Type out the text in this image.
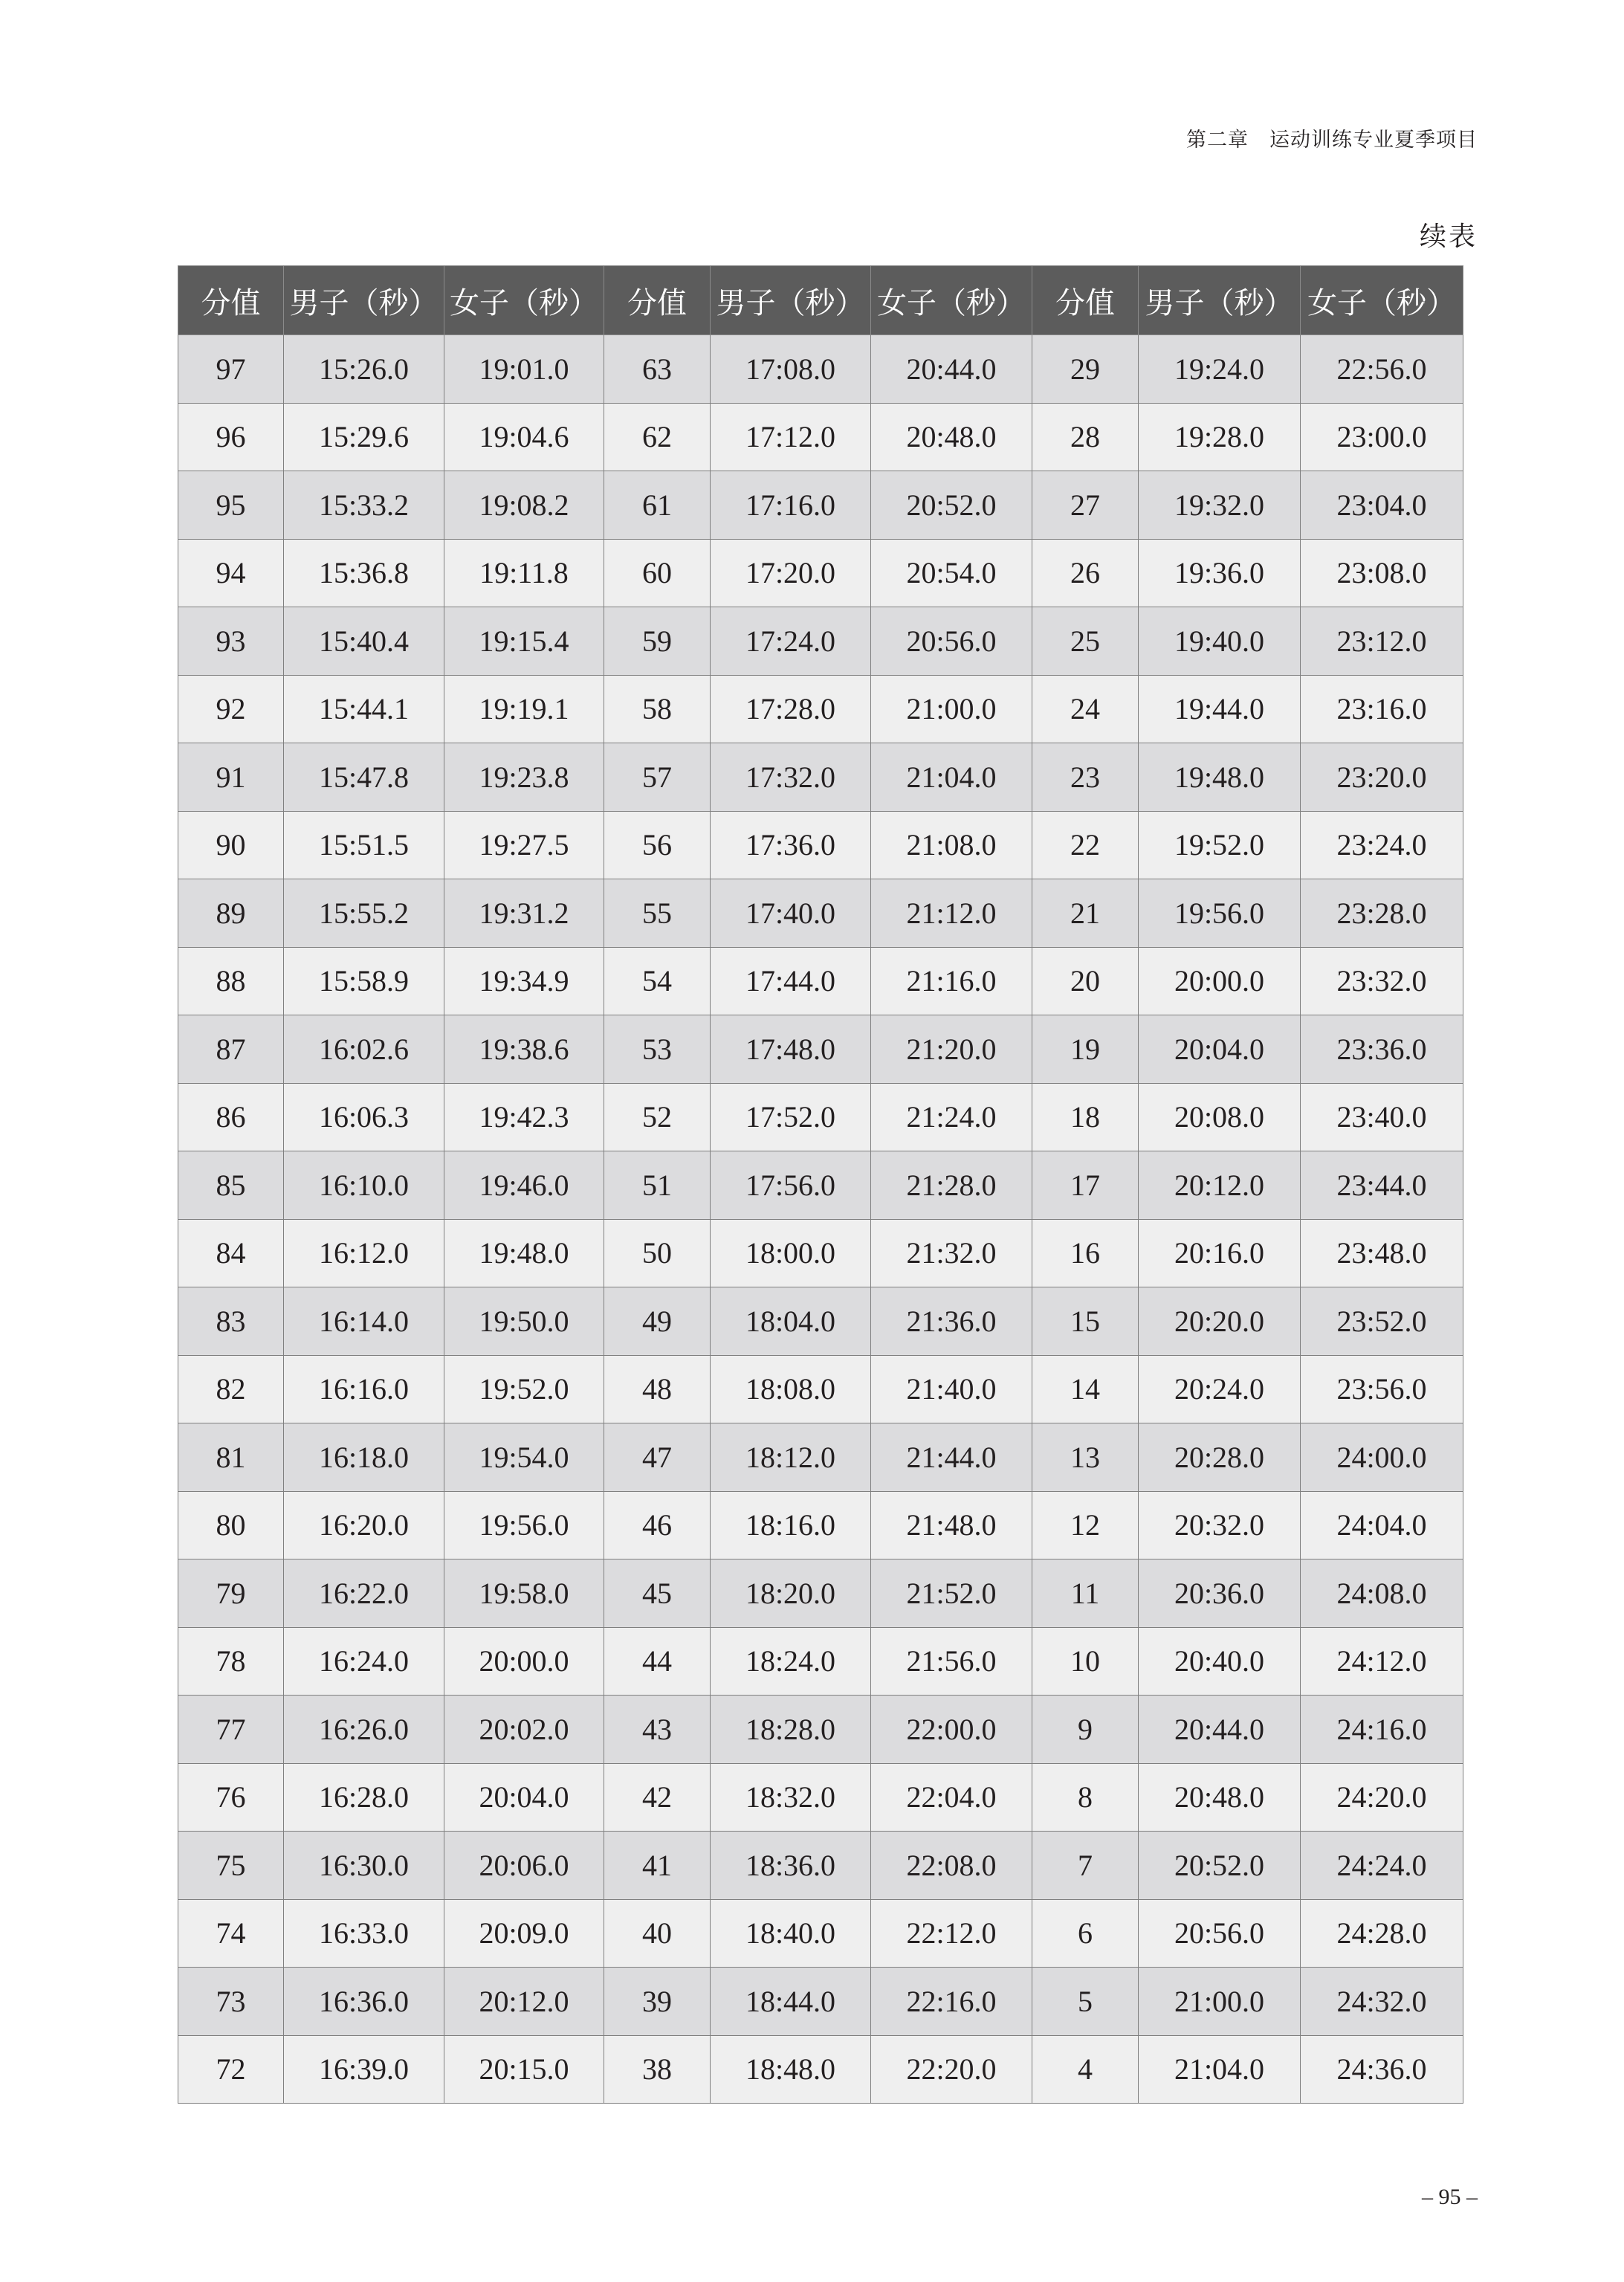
第二章　运动训练专业夏季项目
续表
分值	男子（秒）	女子（秒）	分值	男子（秒）	女子（秒）	分值	男子（秒）	女子（秒）
97	15:26.0	19:01.0	63	17:08.0	20:44.0	29	19:24.0	22:56.0
96	15:29.6	19:04.6	62	17:12.0	20:48.0	28	19:28.0	23:00.0
95	15:33.2	19:08.2	61	17:16.0	20:52.0	27	19:32.0	23:04.0
94	15:36.8	19:11.8	60	17:20.0	20:54.0	26	19:36.0	23:08.0
93	15:40.4	19:15.4	59	17:24.0	20:56.0	25	19:40.0	23:12.0
92	15:44.1	19:19.1	58	17:28.0	21:00.0	24	19:44.0	23:16.0
91	15:47.8	19:23.8	57	17:32.0	21:04.0	23	19:48.0	23:20.0
90	15:51.5	19:27.5	56	17:36.0	21:08.0	22	19:52.0	23:24.0
89	15:55.2	19:31.2	55	17:40.0	21:12.0	21	19:56.0	23:28.0
88	15:58.9	19:34.9	54	17:44.0	21:16.0	20	20:00.0	23:32.0
87	16:02.6	19:38.6	53	17:48.0	21:20.0	19	20:04.0	23:36.0
86	16:06.3	19:42.3	52	17:52.0	21:24.0	18	20:08.0	23:40.0
85	16:10.0	19:46.0	51	17:56.0	21:28.0	17	20:12.0	23:44.0
84	16:12.0	19:48.0	50	18:00.0	21:32.0	16	20:16.0	23:48.0
83	16:14.0	19:50.0	49	18:04.0	21:36.0	15	20:20.0	23:52.0
82	16:16.0	19:52.0	48	18:08.0	21:40.0	14	20:24.0	23:56.0
81	16:18.0	19:54.0	47	18:12.0	21:44.0	13	20:28.0	24:00.0
80	16:20.0	19:56.0	46	18:16.0	21:48.0	12	20:32.0	24:04.0
79	16:22.0	19:58.0	45	18:20.0	21:52.0	11	20:36.0	24:08.0
78	16:24.0	20:00.0	44	18:24.0	21:56.0	10	20:40.0	24:12.0
77	16:26.0	20:02.0	43	18:28.0	22:00.0	9	20:44.0	24:16.0
76	16:28.0	20:04.0	42	18:32.0	22:04.0	8	20:48.0	24:20.0
75	16:30.0	20:06.0	41	18:36.0	22:08.0	7	20:52.0	24:24.0
74	16:33.0	20:09.0	40	18:40.0	22:12.0	6	20:56.0	24:28.0
73	16:36.0	20:12.0	39	18:44.0	22:16.0	5	21:00.0	24:32.0
72	16:39.0	20:15.0	38	18:48.0	22:20.0	4	21:04.0	24:36.0
– 95 –
